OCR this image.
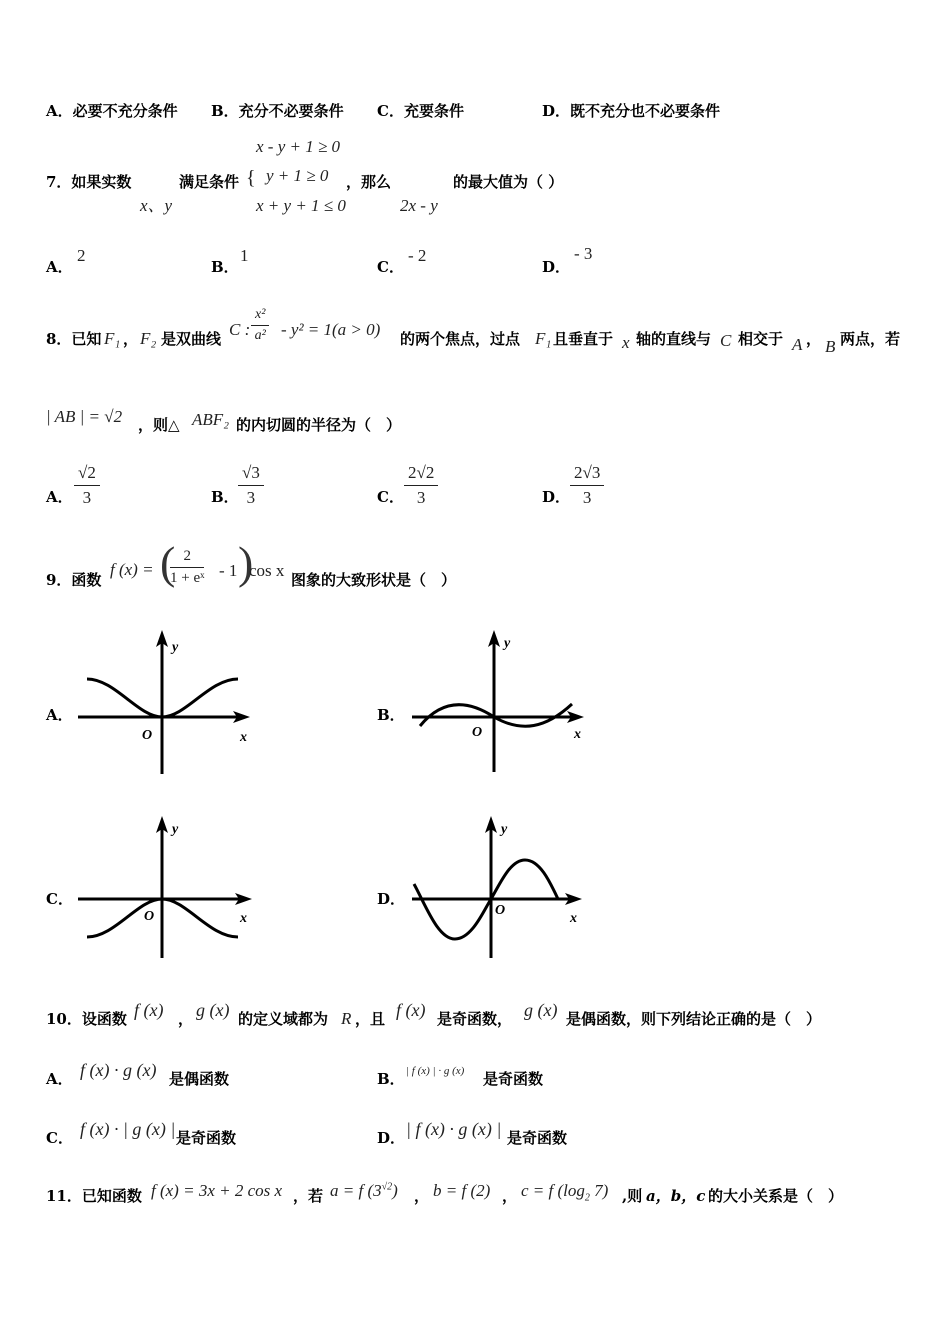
A．必要不充分条件 B．充分不必要条件 C．充要条件	D．既不充分也不必要条件
7．如果实数
x、y
满足条件 {
x - y + 1 ≥ 0
y + 1 ≥ 0
x + y + 1 ≤ 0
，那么
2x - y
的最大值为（ ）
A．
2
B．
1
C．
- 2
D．
- 3
8．已知 F₁ ， F₂ 是双曲线 C : $\frac{\text{x²}}{\text{a²}} - y^2 = 1(a > 0)$ 的两个焦点，过点 F₁ 且垂直于 x 轴的直线与 C 相交于 A ， B 两点，若
| AB | = √2 ，则△ ABF₂ 的内切圆的半径为（　）
A． $\frac{√2}{3}$	B． $\frac{√3}{3}$	C． $\frac{2√2}{3}$	D． $\frac{2√3}{3}$
9．函数
f (x) = (
$\frac{2}{\text{1 + eˣ}} - 1$ )
cos x 图象的大致形状是（　）
A．
y
O	x
B．
y
O	x
C．
y
O	x
D．
y
O
x
10．设函数 f (x) ， g (x) 的定义域都为 R ，且 f (x) 是奇函数， g (x) 是偶函数，则下列结论正确的是（　）
A． f (x) · g (x) 是偶函数	B． | f (x) | · g (x) 是奇函数
C． f (x) · | g (x) | 是奇函数	D． | f (x) · g (x) | 是奇函数
11．已知函数 f (x) = 3x + 2 cos x ，若 a = f $(3^{√2})$ ， b = f (2) ， c = f ($\log_2$ 7) ,则 a，b，c 的大小关系是（　）
